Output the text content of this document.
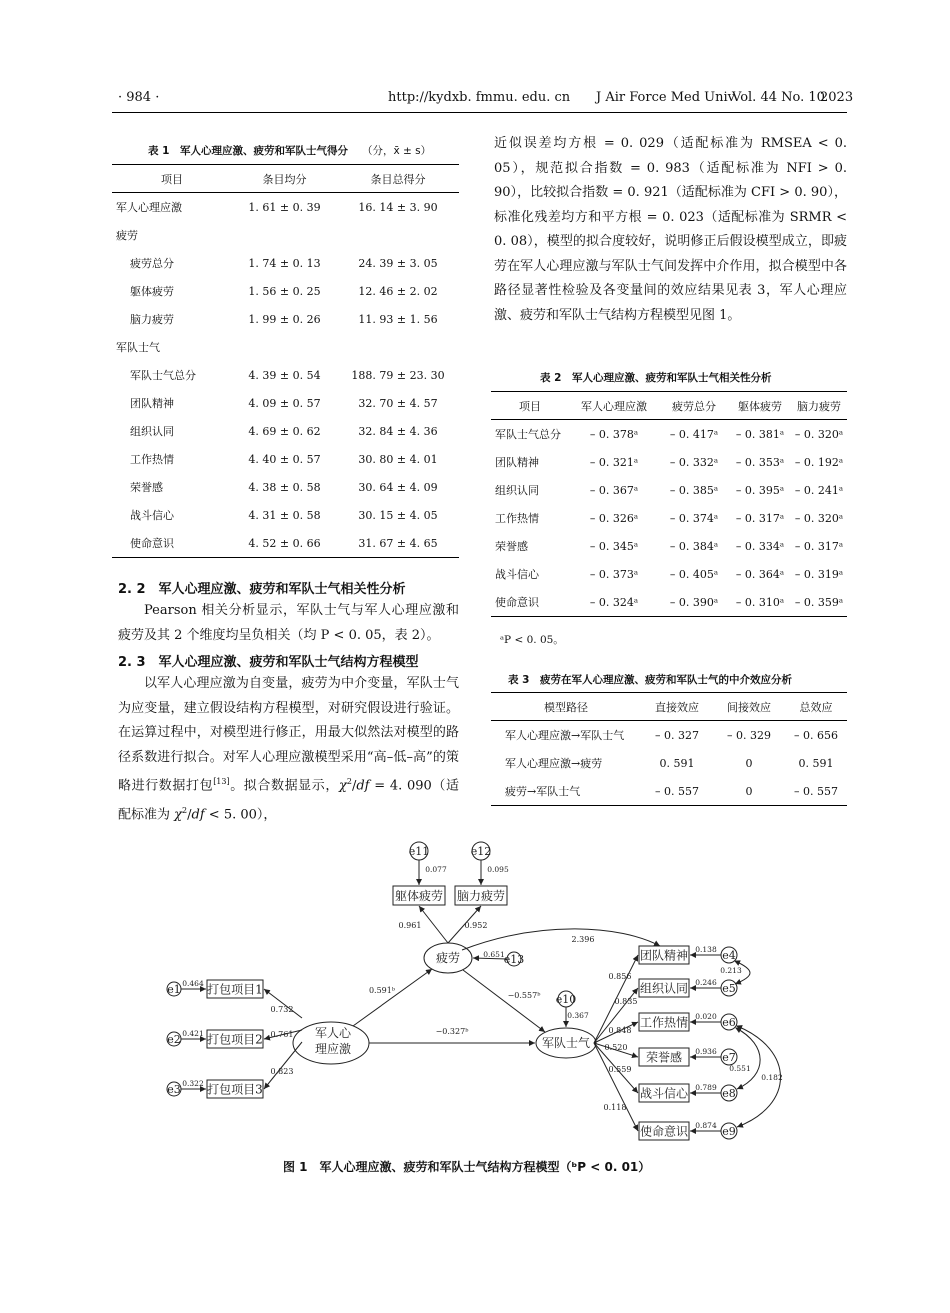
· 984 ·	http://kydxb. fmmu. edu. cn J Air Force Med Univ
Vol. 44 No. 10
2023
表 1　军人心理应激、疲劳和军队士气得分 （分，x̄ ± s）
项目	条目均分	条目总得分
军人心理应激	1. 61 ± 0. 39	16. 14 ± 3. 90
疲劳		
疲劳总分	1. 74 ± 0. 13	24. 39 ± 3. 05
躯体疲劳	1. 56 ± 0. 25	12. 46 ± 2. 02
脑力疲劳	1. 99 ± 0. 26	11. 93 ± 1. 56
军队士气		
军队士气总分	4. 39 ± 0. 54	188. 79 ± 23. 30
团队精神	4. 09 ± 0. 57	32. 70 ± 4. 57
组织认同	4. 69 ± 0. 62	32. 84 ± 4. 36
工作热情	4. 40 ± 0. 57	30. 80 ± 4. 01
荣誉感	4. 38 ± 0. 58	30. 64 ± 4. 09
战斗信心	4. 31 ± 0. 58	30. 15 ± 4. 05
使命意识	4. 52 ± 0. 66	31. 67 ± 4. 65
2. 2　军人心理应激、疲劳和军队士气相关性分析
Pearson 相关分析显示，军队士气与军人心理应激和疲劳及其 2 个维度均呈负相关（均 P < 0. 05，表 2）。
2. 3　军人心理应激、疲劳和军队士气结构方程模型
以军人心理应激为自变量，疲劳为中介变量，军队士气为应变量，建立假设结构方程模型，对研究假设进行验证。在运算过程中，对模型进行修正，用最大似然法对模型的路径系数进行拟合。对军人心理应激模型采用“高–低–高”的策略进行数据打包[13]。拟合数据显示，$\chi^2/df = 4$. 090（适配标准为 $\chi^2/df < 5$. 00），
近似误差均方根 = 0. 029（适配标准为 RMSEA < 0. 05），规范拟合指数 = 0. 983（适配标准为 NFI > 0. 90），比较拟合指数 = 0. 921（适配标准为 CFI > 0. 90），标准化残差均方和平方根 = 0. 023（适配标准为 SRMR < 0. 08），模型的拟合度较好，说明修正后假设模型成立，即疲劳在军人心理应激与军队士气间发挥中介作用，拟合模型中各路径显著性检验及各变量间的效应结果见表 3，军人心理应激、疲劳和军队士气结构方程模型见图 1。
表 2　军人心理应激、疲劳和军队士气相关性分析
项目	军人心理应激	疲劳总分	躯体疲劳	脑力疲劳
军队士气总分	– 0. 378ᵃ	– 0. 417ᵃ	– 0. 381ᵃ	– 0. 320ᵃ
团队精神	– 0. 321ᵃ	– 0. 332ᵃ	– 0. 353ᵃ	– 0. 192ᵃ
组织认同	– 0. 367ᵃ	– 0. 385ᵃ	– 0. 395ᵃ	– 0. 241ᵃ
工作热情	– 0. 326ᵃ	– 0. 374ᵃ	– 0. 317ᵃ	– 0. 320ᵃ
荣誉感	– 0. 345ᵃ	– 0. 384ᵃ	– 0. 334ᵃ	– 0. 317ᵃ
战斗信心	– 0. 373ᵃ	– 0. 405ᵃ	– 0. 364ᵃ	– 0. 319ᵃ
使命意识	– 0. 324ᵃ	– 0. 390ᵃ	– 0. 310ᵃ	– 0. 359ᵃ
ᵃP < 0. 05。
表 3　疲劳在军人心理应激、疲劳和军队士气的中介效应分析
模型路径	直接效应	间接效应	总效应
军人心理应激→军队士气	– 0. 327	– 0. 329	– 0. 656
军人心理应激→疲劳	0. 591	0	0. 591
疲劳→军队士气	– 0. 557	0	– 0. 557
军人心
理应激
疲劳
军队士气
0.591ᵇ
−0.327ᵇ
−0.557ᵇ
打包项目1
e1 0.464
打包项目2
e2 0.421
打包项目3
e3 0.322
0.732
0.761
0.823
躯体疲劳
e11
0.077
脑力疲劳
e12
0.095
0.961	0.952
e13
0.651
e10
0.367
团队精神	e4
0.138
组织认同	e5
0.246
工作热情	e6
0.020
荣誉感	e7
0.936
战斗信心	e8
0.789
使命意识	e9
0.874
0.856
0.835
0.848
0.520
0.559
0.118
2.396
0.213
0.551
0.182
图 1　军人心理应激、疲劳和军队士气结构方程模型（ᵇP < 0. 01）
